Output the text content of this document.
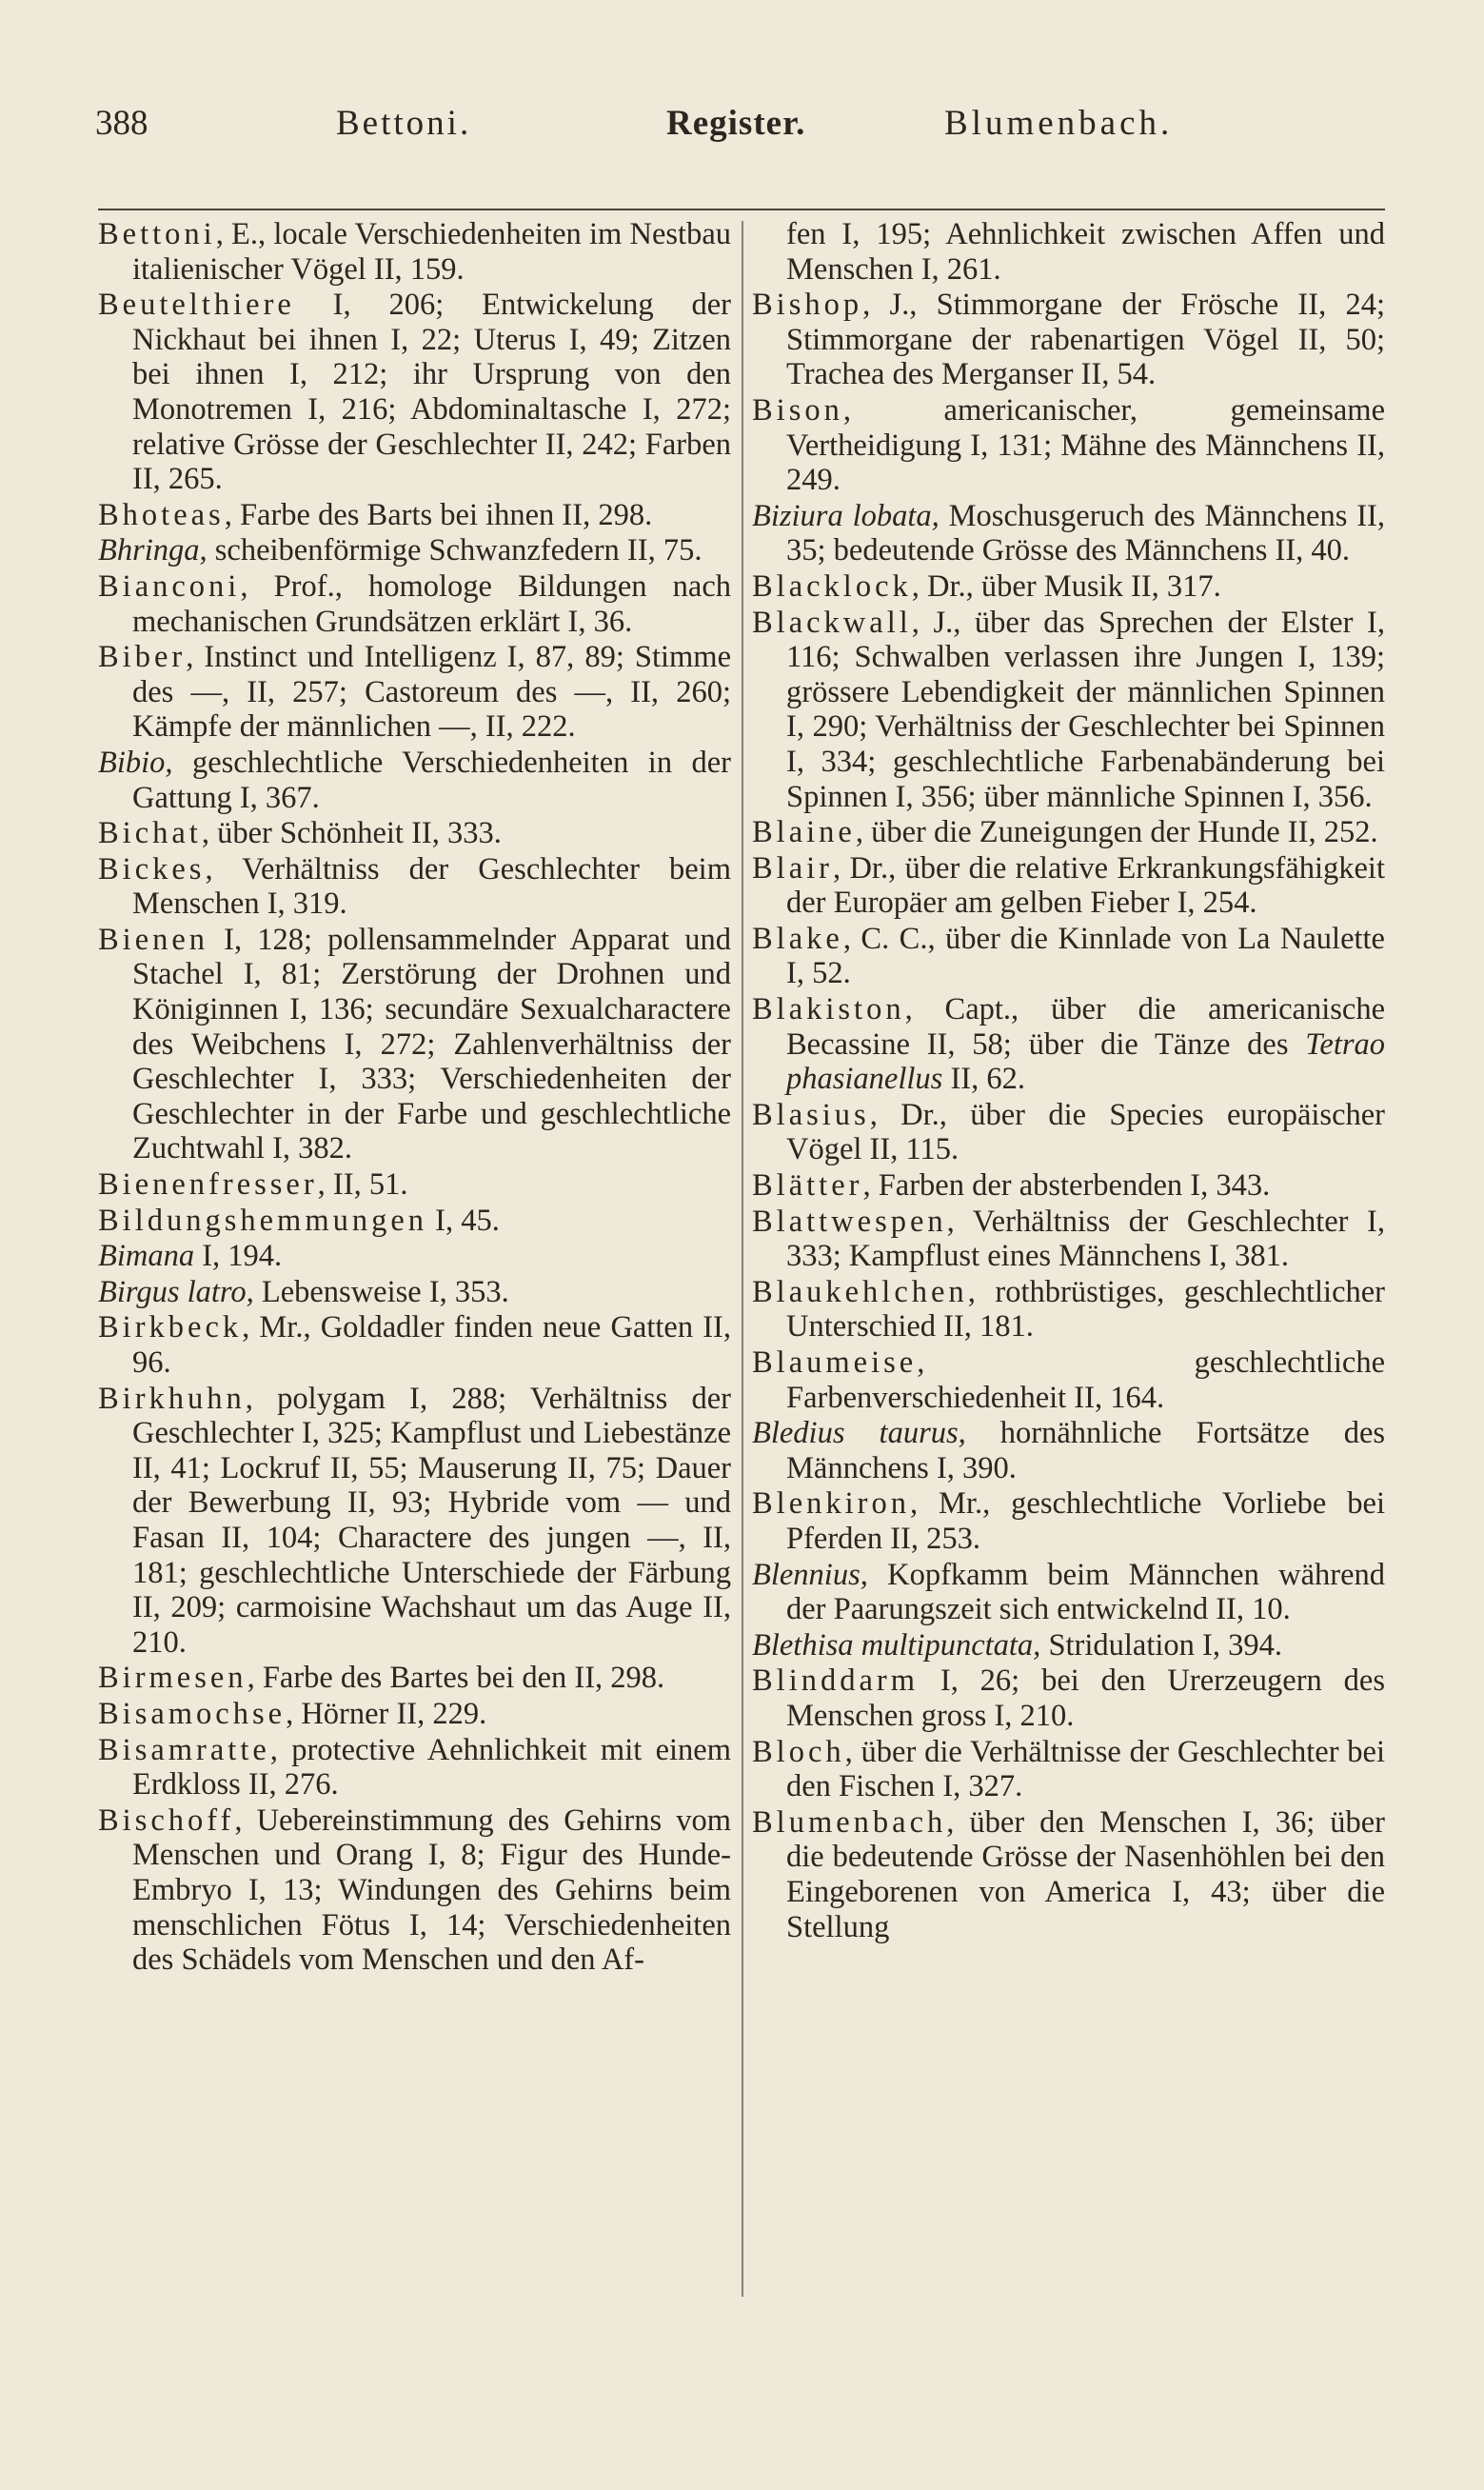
388	Bettoni.	Register.	Blumenbach.

Bettoni, E., locale Verschiedenheiten im Nestbau italienischer Vögel II, 159.

Beutelthiere I, 206; Entwickelung der Nickhaut bei ihnen I, 22; Uterus I, 49; Zitzen bei ihnen I, 212; ihr Ursprung von den Monotremen I, 216; Abdominaltasche I, 272; relative Grösse der Geschlechter II, 242; Farben II, 265.

Bhoteas, Farbe des Barts bei ihnen II, 298.

Bhringa, scheibenförmige Schwanzfedern II, 75.

Bianconi, Prof., homologe Bildungen nach mechanischen Grundsätzen erklärt I, 36.

Biber, Instinct und Intelligenz I, 87, 89; Stimme des —, II, 257; Castoreum des —, II, 260; Kämpfe der männlichen —, II, 222.

Bibio, geschlechtliche Verschiedenheiten in der Gattung I, 367.

Bichat, über Schönheit II, 333.

Bickes, Verhältniss der Geschlechter beim Menschen I, 319.

Bienen I, 128; pollensammelnder Apparat und Stachel I, 81; Zerstörung der Drohnen und Königinnen I, 136; secundäre Sexualcharactere des Weibchens I, 272; Zahlenverhältniss der Geschlechter I, 333; Verschiedenheiten der Geschlechter in der Farbe und geschlechtliche Zuchtwahl I, 382.

Bienenfresser, II, 51.

Bildungshemmungen I, 45.

Bimana I, 194.

Birgus latro, Lebensweise I, 353.

Birkbeck, Mr., Goldadler finden neue Gatten II, 96.

Birkhuhn, polygam I, 288; Verhältniss der Geschlechter I, 325; Kampflust und Liebestänze II, 41; Lockruf II, 55; Mauserung II, 75; Dauer der Bewerbung II, 93; Hybride vom — und Fasan II, 104; Charactere des jungen —, II, 181; geschlechtliche Unterschiede der Färbung II, 209; carmoisine Wachshaut um das Auge II, 210.

Birmesen, Farbe des Bartes bei den II, 298.

Bisamochse, Hörner II, 229.

Bisamratte, protective Aehnlichkeit mit einem Erdkloss II, 276.

Bischoff, Uebereinstimmung des Gehirns vom Menschen und Orang I, 8; Figur des Hunde-Embryo I, 13; Windungen des Gehirns beim menschlichen Fötus I, 14; Verschiedenheiten des Schädels vom Menschen und den Af-

fen I, 195; Aehnlichkeit zwischen Affen und Menschen I, 261.

Bishop, J., Stimmorgane der Frösche II, 24; Stimmorgane der rabenartigen Vögel II, 50; Trachea des Merganser II, 54.

Bison, americanischer, gemeinsame Vertheidigung I, 131; Mähne des Männchens II, 249.

Biziura lobata, Moschusgeruch des Männchens II, 35; bedeutende Grösse des Männchens II, 40.

Blacklock, Dr., über Musik II, 317.

Blackwall, J., über das Sprechen der Elster I, 116; Schwalben verlassen ihre Jungen I, 139; grössere Lebendigkeit der männlichen Spinnen I, 290; Verhältniss der Geschlechter bei Spinnen I, 334; geschlechtliche Farbenabänderung bei Spinnen I, 356; über männliche Spinnen I, 356.

Blaine, über die Zuneigungen der Hunde II, 252.

Blair, Dr., über die relative Erkrankungsfähigkeit der Europäer am gelben Fieber I, 254.

Blake, C. C., über die Kinnlade von La Naulette I, 52.

Blakiston, Capt., über die americanische Becassine II, 58; über die Tänze des Tetrao phasianellus II, 62.

Blasius, Dr., über die Species europäischer Vögel II, 115.

Blätter, Farben der absterbenden I, 343.

Blattwespen, Verhältniss der Geschlechter I, 333; Kampflust eines Männchens I, 381.

Blaukehlchen, rothbrüstiges, geschlechtlicher Unterschied II, 181.

Blaumeise, geschlechtliche Farbenverschiedenheit II, 164.

Bledius taurus, hornähnliche Fortsätze des Männchens I, 390.

Blenkiron, Mr., geschlechtliche Vorliebe bei Pferden II, 253.

Blennius, Kopfkamm beim Männchen während der Paarungszeit sich entwickelnd II, 10.

Blethisa multipunctata, Stridulation I, 394.

Blinddarm I, 26; bei den Urerzeugern des Menschen gross I, 210.

Bloch, über die Verhältnisse der Geschlechter bei den Fischen I, 327.

Blumenbach, über den Menschen I, 36; über die bedeutende Grösse der Nasenhöhlen bei den Eingeborenen von America I, 43; über die Stellung
